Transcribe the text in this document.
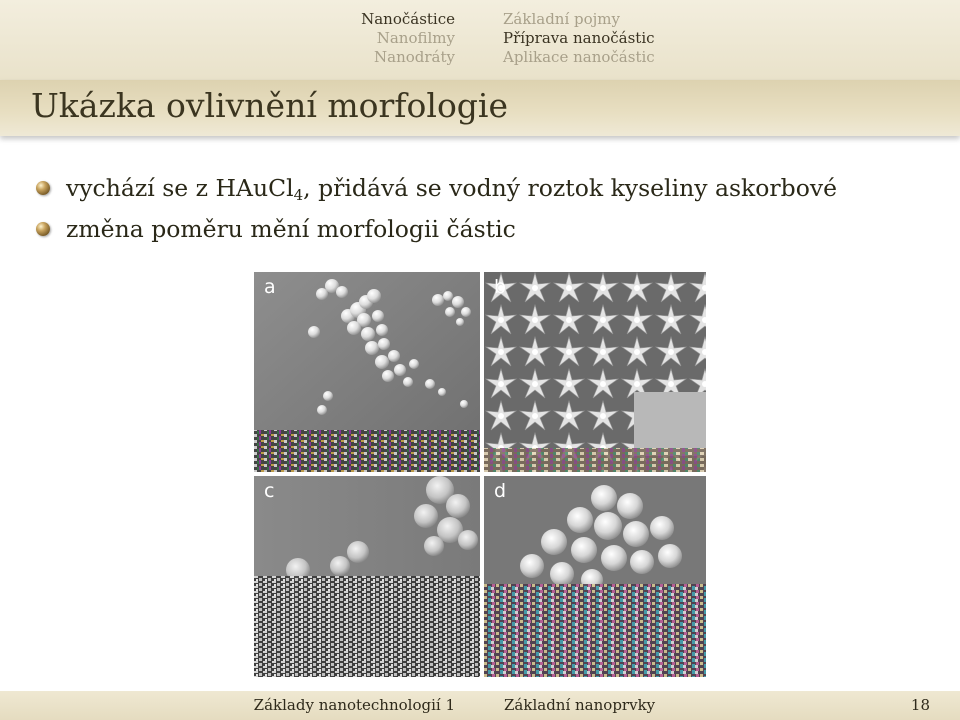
Nanočástice
Nanofilmy
Nanodráty
Základní pojmy
Příprava nanočástic
Aplikace nanočástic
Ukázka ovlivnění morfologie
vychází se z HAuCl$_4$, přidává se vodný roztok kyseliny askorbové
změna poměru mění morfologii částic
a	b
c	d
Základy nanotechnologií 1	Základní nanoprvky	18
